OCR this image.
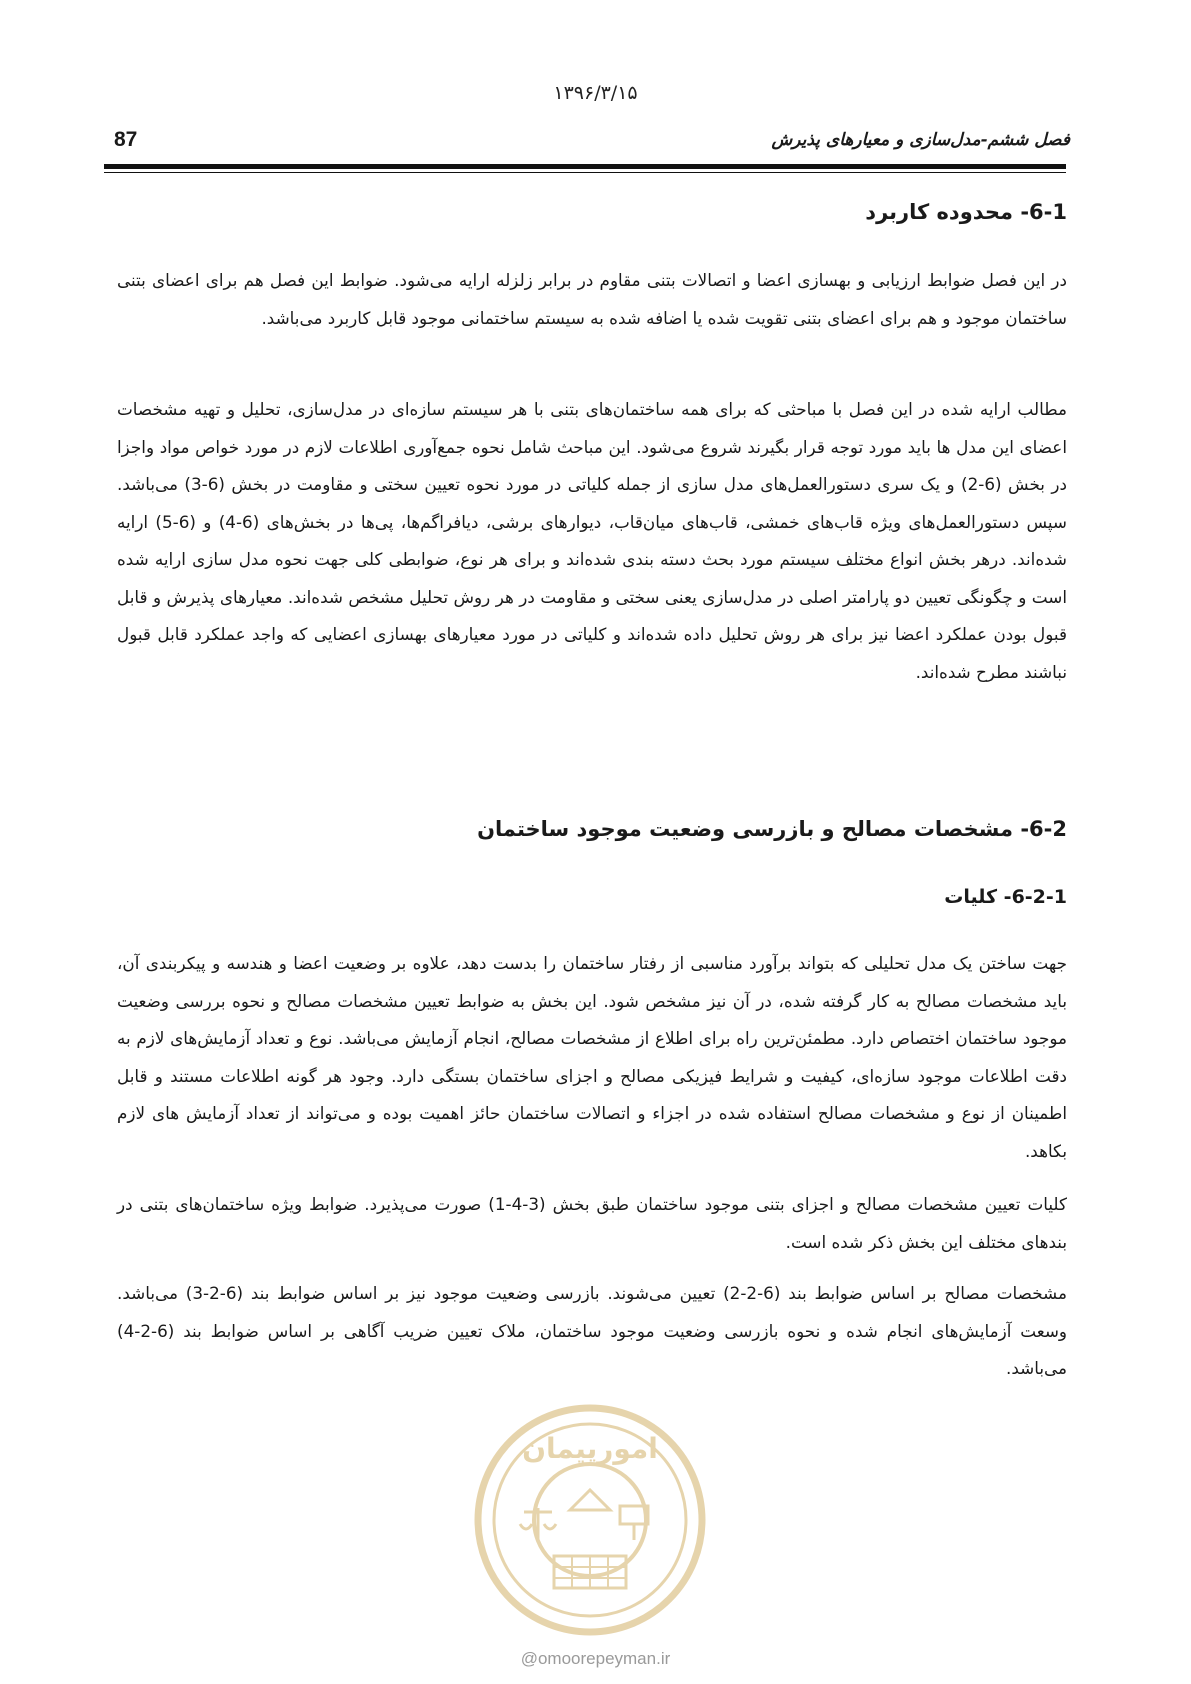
۱۳۹۶/۳/۱۵
87	فصل ششم-مدل‌سازی و معیارهای پذیرش
6-1- محدوده کاربرد

در این فصل ضوابط ارزیابی و بهسازی اعضا و اتصالات بتنی مقاوم در برابر زلزله ارایه می‌شود. ضوابط این فصل هم برای اعضای بتنی ساختمان موجود و هم برای اعضای بتنی تقویت شده یا اضافه شده به سیستم ساختمانی موجود قابل کاربرد می‌باشد.

مطالب ارایه شده در این فصل با مباحثی که برای همه ساختمان‌های بتنی با هر سیستم سازه‌ای در مدل‌سازی، تحلیل و تهیه مشخصات اعضای این مدل ها باید مورد توجه قرار بگیرند شروع می‌شود. این مباحث شامل نحوه جمع‌آوری اطلاعات لازم در مورد خواص مواد واجزا در بخش (6-2) و یک سری دستورالعمل‌های مدل سازی از جمله کلیاتی در مورد نحوه تعیین سختی و مقاومت در بخش (6-3) می‌باشد. سپس دستورالعمل‌های ویژه قاب‌های خمشی، قاب‌های میان‌قاب، دیوارهای برشی، دیافراگم‌ها، پی‌ها در بخش‌های (6-4) و (6-5) ارایه شده‌اند. درهر بخش انواع مختلف سیستم مورد بحث دسته بندی شده‌اند و برای هر نوع، ضوابطی کلی جهت نحوه مدل سازی ارایه شده است و چگونگی تعیین دو پارامتر اصلی در مدل‌سازی یعنی سختی و مقاومت در هر روش تحلیل مشخص شده‌اند. معیارهای پذیرش و قابل قبول بودن عملکرد اعضا نیز برای هر روش تحلیل داده شده‌اند و کلیاتی در مورد معیارهای بهسازی اعضایی که واجد عملکرد قابل قبول نباشند مطرح شده‌اند.

6-2- مشخصات مصالح و بازرسی وضعیت موجود ساختمان
6-2-1- کلیات

جهت ساختن یک مدل تحلیلی که بتواند برآورد مناسبی از رفتار ساختمان را بدست دهد، علاوه بر وضعیت اعضا و هندسه و پیکربندی آن، باید مشخصات مصالح به کار گرفته شده، در آن نیز مشخص شود. این بخش به ضوابط تعیین مشخصات مصالح و نحوه بررسی وضعیت موجود ساختمان اختصاص دارد. مطمئن‌ترین راه برای اطلاع از مشخصات مصالح، انجام آزمایش می‌باشد. نوع و تعداد آزمایش‌های لازم به دقت اطلاعات موجود سازه‌ای، کیفیت و شرایط فیزیکی مصالح و اجزای ساختمان بستگی دارد. وجود هر گونه اطلاعات مستند و قابل اطمینان از نوع و مشخصات مصالح استفاده شده در اجزاء و اتصالات ساختمان حائز اهمیت بوده و می‌تواند از تعداد آزمایش های لازم بکاهد.

کلیات تعیین مشخصات مصالح و اجزای بتنی موجود ساختمان طبق بخش (3-4-1) صورت می‌پذیرد. ضوابط ویژه ساختمان‌های بتنی در بندهای مختلف این بخش ذکر شده است.

مشخصات مصالح بر اساس ضوابط بند (6-2-2) تعیین می‌شوند. بازرسی وضعیت موجود نیز بر اساس ضوابط بند (6-2-3) می‌باشد. وسعت آزمایش‌های انجام شده و نحوه بازرسی وضعیت موجود ساختمان، ملاک تعیین ضریب آگاهی بر اساس ضوابط بند (6-2-4) می‌باشد.

امورپیمان
@omoorepeyman.ir
